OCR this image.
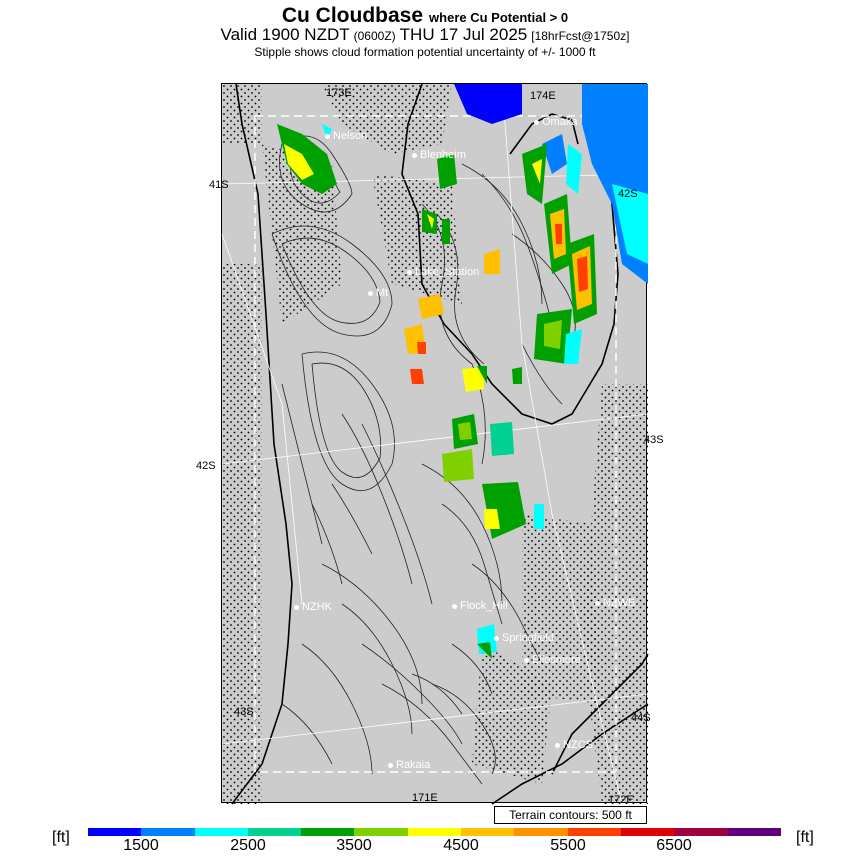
Cu Cloudbase where Cu Potential > 0
Valid 1900 NZDT (0600Z) THU 17 Jul 2025 [18hrFcst@1750z]
Stipple shows cloud formation potential uncertainty of +/- 1000 ft
173E	174E
171E	172E
42S
43S
Nelson
Blenheim
Omaka
Lake_Station
Mt
NZHK	Flock_Hill	NZWB
Springfield
Ellesmere
NZCS
Rakaia
41S
42S
43S	44S
Terrain contours: 500 ft
[ft]	[ft]
1500	2500	3500	4500	5500	6500
